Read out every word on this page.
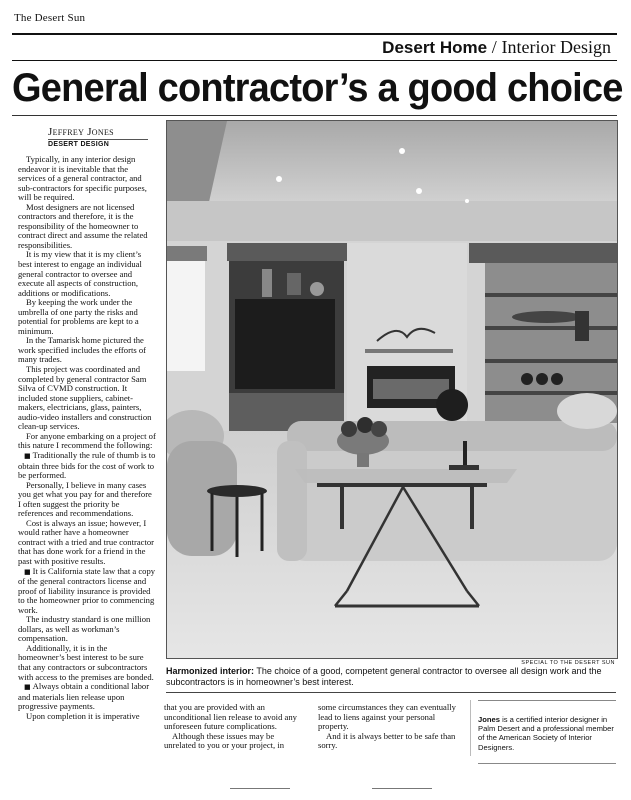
The Desert Sun
Desert Home / Interior Design
General contractor’s a good choice
Jeffrey Jones
DESERT DESIGN

Typically, in any interior design endeavor it is inevitable that the services of a general contractor, and sub-contractors for specific purposes, will be required.

Most designers are not licensed contractors and therefore, it is the responsibility of the homeowner to contract direct and assume the related responsibilities.

It is my view that it is my client’s best interest to engage an individual general contractor to oversee and execute all aspects of construction, additions or modifications.

By keeping the work under the umbrella of one party the risks and potential for problems are kept to a minimum.

In the Tamarisk home pictured the work specified includes the efforts of many trades.

This project was coordinated and completed by general contractor Sam Silva of CVMD construction. It included stone suppliers, cabinet-makers, electricians, glass, painters, audio-video installers and construction clean-up services.

For anyone embarking on a project of this nature I recommend the following:

■ Traditionally the rule of thumb is to obtain three bids for the cost of work to be performed.

Personally, I believe in many cases you get what you pay for and therefore I often suggest the priority be references and recommendations.

Cost is always an issue; however, I would rather have a homeowner contract with a tried and true contractor that has done work for a friend in the past with positive results.

■ It is California state law that a copy of the general contractors license and proof of liability insurance is provided to the homeowner prior to commencing work.

The industry standard is one million dollars, as well as workman’s compensation.

Additionally, it is in the homeowner’s best interest to be sure that any contractors or subcontractors with access to the premises are bonded.

■ Always obtain a conditional labor and materials lien release upon progressive payments.

Upon completion it is imperative

SPECIAL TO THE DESERT SUN
Harmonized interior: The choice of a good, competent general contractor to oversee all design work and the subcontractors is in homeowner’s best interest.

that you are provided with an unconditional lien release to avoid any unforeseen future complications.

Although these issues may be unrelated to you or your project, in

some circumstances they can eventually lead to liens against your personal property.

And it is always better to be safe than sorry.

Jones is a certified interior designer in Palm Desert and a professional member of the American Society of Interior Designers.
